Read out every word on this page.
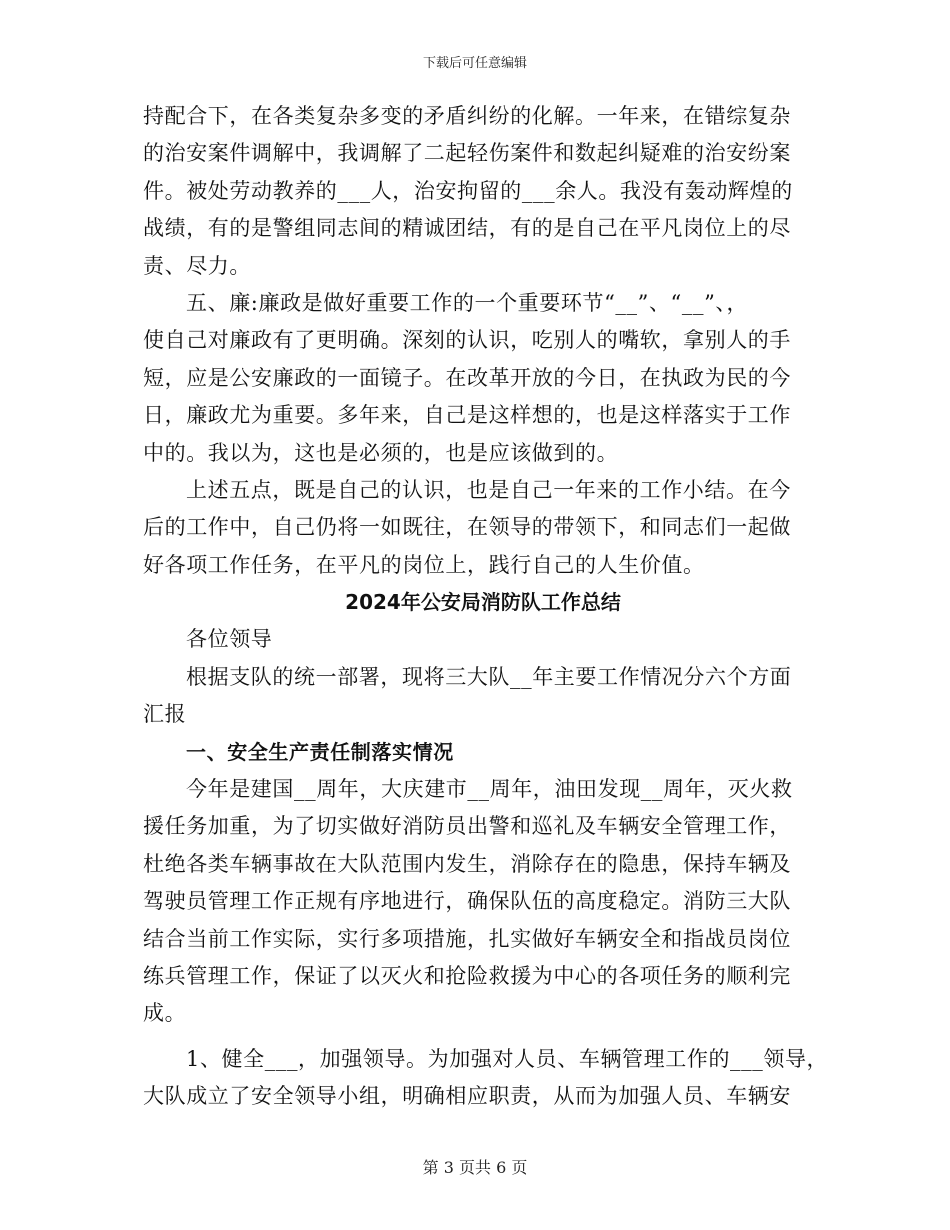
下载后可任意编辑
持配合下，在各类复杂多变的矛盾纠纷的化解。一年来，在错综复杂
的治安案件调解中，我调解了二起轻伤案件和数起纠疑难的治安纷案
件。被处劳动教养的___人，治安拘留的___余人。我没有轰动辉煌的
战绩，有的是警组同志间的精诚团结，有的是自己在平凡岗位上的尽
责、尽力。
五、廉:廉政是做好重要工作的一个重要环节“__”、“__”、，
使自己对廉政有了更明确。深刻的认识，吃别人的嘴软，拿别人的手
短，应是公安廉政的一面镜子。在改革开放的今日，在执政为民的今
日，廉政尤为重要。多年来，自己是这样想的，也是这样落实于工作
中的。我以为，这也是必须的，也是应该做到的。
上述五点，既是自己的认识，也是自己一年来的工作小结。在今
后的工作中，自己仍将一如既往，在领导的带领下，和同志们一起做
好各项工作任务，在平凡的岗位上，践行自己的人生价值。
2024年公安局消防队工作总结
各位领导
根据支队的统一部署，现将三大队__年主要工作情况分六个方面
汇报
一、安全生产责任制落实情况
今年是建国__周年，大庆建市__周年，油田发现__周年，灭火救
援任务加重，为了切实做好消防员出警和巡礼及车辆安全管理工作，
杜绝各类车辆事故在大队范围内发生，消除存在的隐患，保持车辆及
驾驶员管理工作正规有序地进行，确保队伍的高度稳定。消防三大队
结合当前工作实际，实行多项措施，扎实做好车辆安全和指战员岗位
练兵管理工作，保证了以灭火和抢险救援为中心的各项任务的顺利完
成。
1、健全___，加强领导。为加强对人员、车辆管理工作的___领导，
大队成立了安全领导小组，明确相应职责，从而为加强人员、车辆安
第 3 页共 6 页
